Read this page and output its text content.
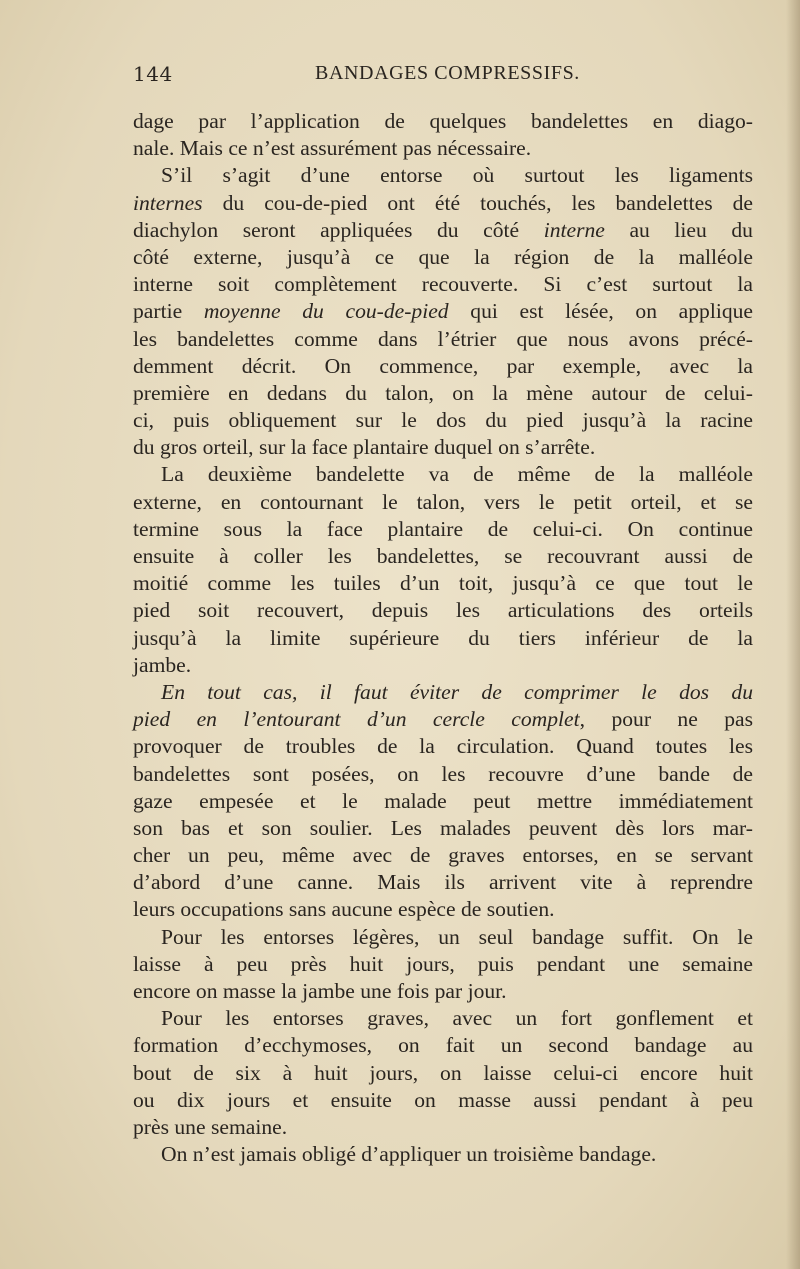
144	BANDAGES COMPRESSIFS.
dage par l’application de quelques bandelettes en diago-
nale. Mais ce n’est assurément pas nécessaire.
S’il s’agit d’une entorse où surtout les ligaments
internes du cou-de-pied ont été touchés, les bandelettes de
diachylon seront appliquées du côté interne au lieu du
côté externe, jusqu’à ce que la région de la malléole
interne soit complètement recouverte. Si c’est surtout la
partie moyenne du cou-de-pied qui est lésée, on applique
les bandelettes comme dans l’étrier que nous avons précé-
demment décrit. On commence, par exemple, avec la
première en dedans du talon, on la mène autour de celui-
ci, puis obliquement sur le dos du pied jusqu’à la racine
du gros orteil, sur la face plantaire duquel on s’arrête.
La deuxième bandelette va de même de la malléole
externe, en contournant le talon, vers le petit orteil, et se
termine sous la face plantaire de celui-ci. On continue
ensuite à coller les bandelettes, se recouvrant aussi de
moitié comme les tuiles d’un toit, jusqu’à ce que tout le
pied soit recouvert, depuis les articulations des orteils
jusqu’à la limite supérieure du tiers inférieur de la
jambe.
En tout cas, il faut éviter de comprimer le dos du
pied en l’entourant d’un cercle complet, pour ne pas
provoquer de troubles de la circulation. Quand toutes les
bandelettes sont posées, on les recouvre d’une bande de
gaze empesée et le malade peut mettre immédiatement
son bas et son soulier. Les malades peuvent dès lors mar-
cher un peu, même avec de graves entorses, en se servant
d’abord d’une canne. Mais ils arrivent vite à reprendre
leurs occupations sans aucune espèce de soutien.
Pour les entorses légères, un seul bandage suffit. On le
laisse à peu près huit jours, puis pendant une semaine
encore on masse la jambe une fois par jour.
Pour les entorses graves, avec un fort gonflement et
formation d’ecchymoses, on fait un second bandage au
bout de six à huit jours, on laisse celui-ci encore huit
ou dix jours et ensuite on masse aussi pendant à peu
près une semaine.
On n’est jamais obligé d’appliquer un troisième bandage.
